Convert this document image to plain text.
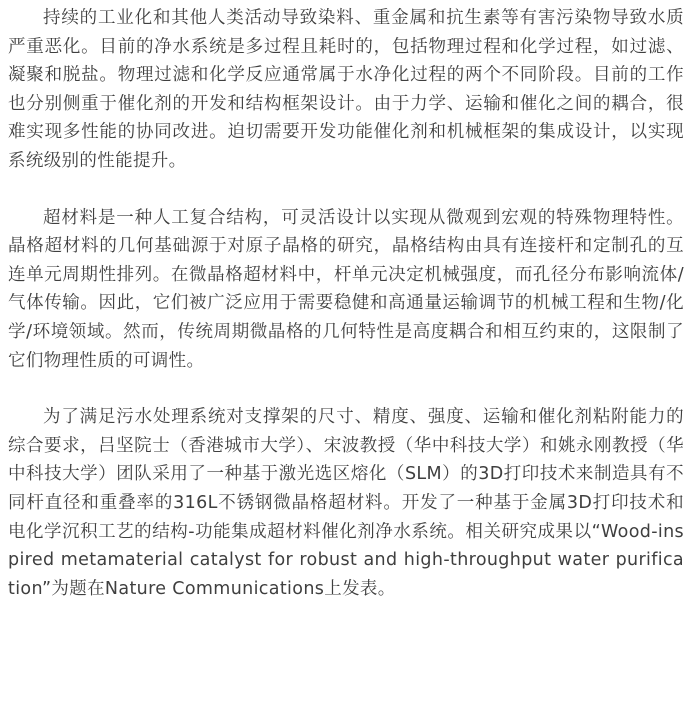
持续的工业化和其他人类活动导致染料、重金属和抗生素等有害污染物导致水质严重恶化。目前的净水系统是多过程且耗时的，包括物理过程和化学过程，如过滤、凝聚和脱盐。物理过滤和化学反应通常属于水净化过程的两个不同阶段。目前的工作也分别侧重于催化剂的开发和结构框架设计。由于力学、运输和催化之间的耦合，很难实现多性能的协同改进。迫切需要开发功能催化剂和机械框架的集成设计，以实现系统级别的性能提升。

超材料是一种人工复合结构，可灵活设计以实现从微观到宏观的特殊物理特性。晶格超材料的几何基础源于对原子晶格的研究，晶格结构由具有连接杆和定制孔的互连单元周期性排列。在微晶格超材料中，杆单元决定机械强度，而孔径分布影响流体/气体传输。因此，它们被广泛应用于需要稳健和高通量运输调节的机械工程和生物/化学/环境领域。然而，传统周期微晶格的几何特性是高度耦合和相互约束的，这限制了它们物理性质的可调性。

为了满足污水处理系统对支撑架的尺寸、精度、强度、运输和催化剂粘附能力的综合要求，吕坚院士（香港城市大学）、宋波教授（华中科技大学）和姚永刚教授（华中科技大学）团队采用了一种基于激光选区熔化（SLM）的3D打印技术来制造具有不同杆直径和重叠率的316L不锈钢微晶格超材料。开发了一种基于金属3D打印技术和电化学沉积工艺的结构-功能集成超材料催化剂净水系统。相关研究成果以“Wood-inspired metamaterial catalyst for robust and high-throughput water purification”为题在Nature Communications上发表。
